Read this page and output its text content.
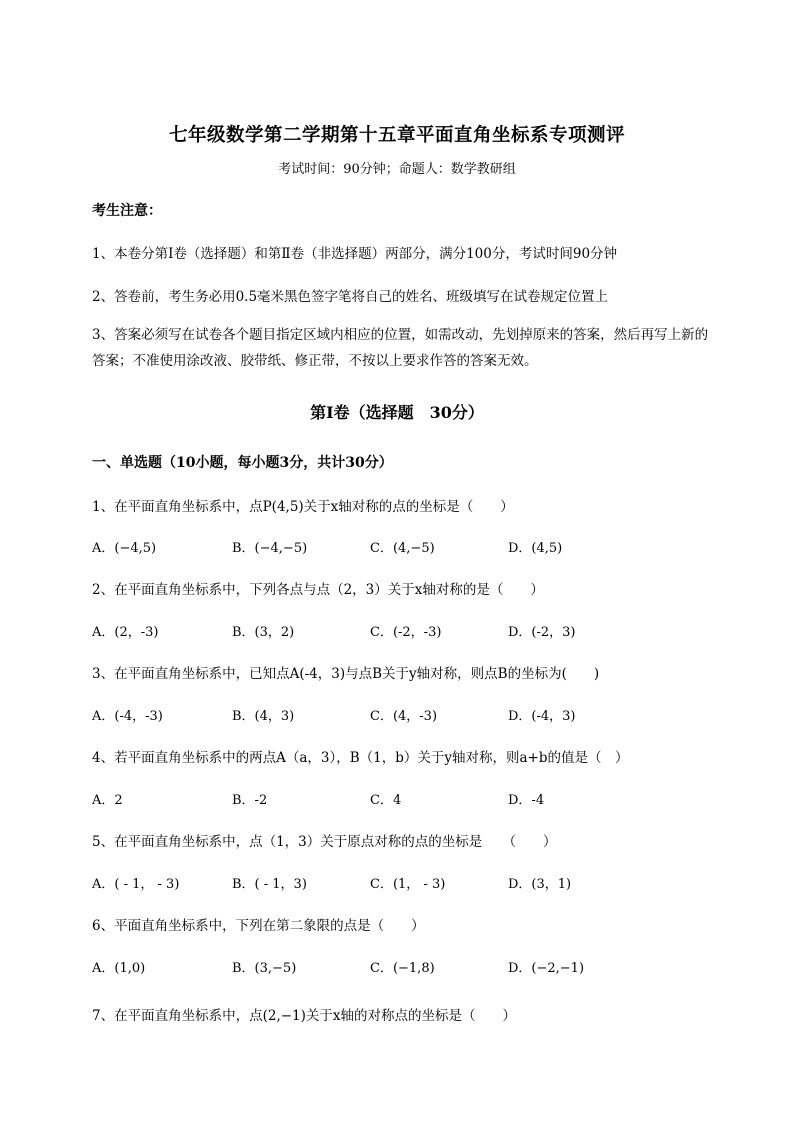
七年级数学第二学期第十五章平面直角坐标系专项测评
考试时间：90分钟；命题人：数学教研组
考生注意：
1、本卷分第I卷（选择题）和第Ⅱ卷（非选择题）两部分，满分100分，考试时间90分钟
2、答卷前，考生务必用0.5毫米黑色签字笔将自己的姓名、班级填写在试卷规定位置上
3、答案必须写在试卷各个题目指定区域内相应的位置，如需改动，先划掉原来的答案，然后再写上新的答案；不准使用涂改液、胶带纸、修正带，不按以上要求作答的答案无效。
第I卷（选择题　30分）
一、单选题（10小题，每小题3分，共计30分）
1、在平面直角坐标系中，点P(4,5)关于x轴对称的点的坐标是（　　）
A．(−4,5)	B．(−4,−5)	C．(4,−5)	D．(4,5)
2、在平面直角坐标系中，下列各点与点（2，3）关于x轴对称的是（　　）
A．(2，-3)	B．(3，2)	C．(-2，-3)	D．(-2，3)
3、在平面直角坐标系中，已知点A(-4，3)与点B关于y轴对称，则点B的坐标为(　　)
A．(-4，-3)	B．(4，3)	C．(4，-3)	D．(-4，3)
4、若平面直角坐标系中的两点A（a，3），B（1，b）关于y轴对称，则a+b的值是（　）
A．2	B．-2	C．4	D．-4
5、在平面直角坐标系中，点（1，3）关于原点对称的点的坐标是　　（　　）
A．( - 1， - 3)	B．( - 1，3)	C．(1， - 3)	D．(3，1)
6、平面直角坐标系中，下列在第二象限的点是（　　）
A．(1,0)	B．(3,−5)	C．(−1,8)	D．(−2,−1)
7、在平面直角坐标系中，点(2,−1)关于x轴的对称点的坐标是（　　）
